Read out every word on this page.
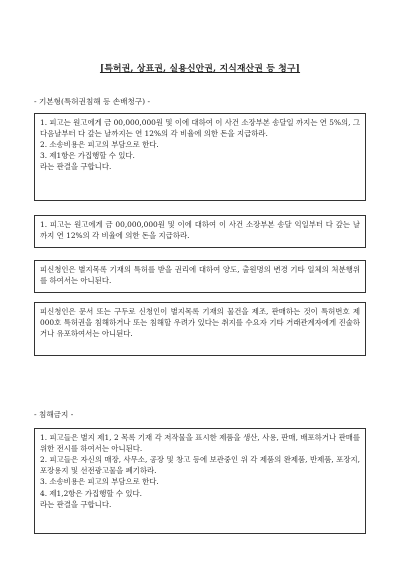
[특허권, 상표권, 실용신안권, 지식재산권 등 청구]
- 기본형(특허권침해 등 손배청구) -

1. 피고는 원고에게 금 00,000,000원 및 이에 대하여 이 사건 소장부본 송달일 까지는 연 5%의, 그 다음날부터 다 갚는 날까지는 연 12%의 각 비율에 의한 돈을 지급하라.

2. 소송비용은 피고의 부담으로 한다.

3. 제1항은 가집행할 수 있다.

라는 판결을 구합니다.

1. 피고는 원고에게 금 00,000,000원 및 이에 대하여 이 사건 소장부본 송달 익일부터 다 갚는 날까지 연 12%의 각 비율에 의한 돈을 지급하라.

피신청인은 별지목록 기재의 특허를 받을 권리에 대하여 양도, 출원명의 변경 기타 일체의 처분행위를 하여서는 아니된다.

피신청인은 문서 또는 구두로 신청인이 별지목록 기재의 물건을 제조, 판매하는 것이 특허번호 제000호 특허권을 침해하거나 또는 침해할 우려가 있다는 취지를 수요자 기타 거래관계자에게 진술하거나 유포하여서는 아니된다.

- 침해금지 -

1. 피고들은 별지 제1, 2 목록 기재 각 저작물을 표시한 제품을 생산, 사용, 판매, 배포하거나 판매를 위한 전시를 하여서는 아니된다.

2. 피고들은 자신의 매장, 사무소, 공장 및 창고 등에 보관중인 위 각 제품의 완제품, 반제품, 포장지, 포장용지 및 선전광고물을 폐기하라.

3. 소송비용은 피고의 부담으로 한다.

4. 제1,2항은 가집행할 수 있다.

라는 판결을 구합니다.
